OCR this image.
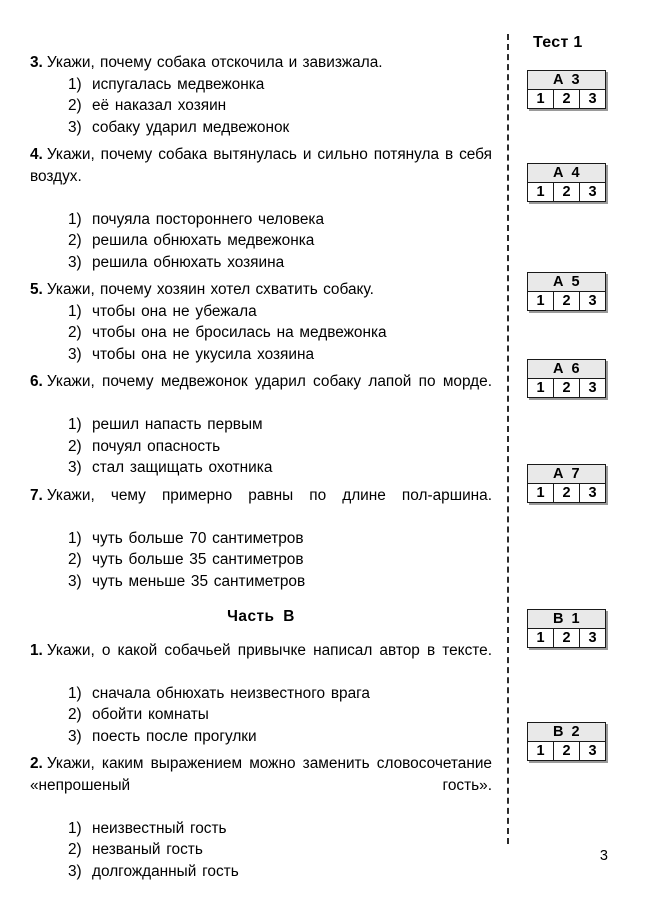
3. Укажи, почему собака отскочила и завизжала.

1) испугалась медвежонка
2) её наказал хозяин
3) собаку ударил медвежонок

4. Укажи, почему собака вытянулась и сильно потянула в себя воздух.

1) почуяла постороннего человека
2) решила обнюхать медвежонка
3) решила обнюхать хозяина

5. Укажи, почему хозяин хотел схватить собаку.

1) чтобы она не убежала
2) чтобы она не бросилась на медвежонка
3) чтобы она не укусила хозяина

6. Укажи, почему медвежонок ударил собаку лапой по морде.

1) решил напасть первым
2) почуял опасность
3) стал защищать охотника

7. Укажи, чему примерно равны по длине пол-аршина.

1) чуть больше 70 сантиметров
2) чуть больше 35 сантиметров
3) чуть меньше 35 сантиметров
Часть В

1. Укажи, о какой собачьей привычке написал автор в тексте.

1) сначала обнюхать неизвестного врага
2) обойти комнаты
3) поесть после прогулки

2. Укажи, каким выражением можно заменить словосочетание «непрошеный гость».

1) неизвестный гость
2) незваный гость
3) долгожданный гость
Тест 1
А 3
1	2	3
А 4
1	2	3
А 5
1	2	3
А 6
1	2	3
А 7
1	2	3
В 1
1	2	3
В 2
1	2	3
3
